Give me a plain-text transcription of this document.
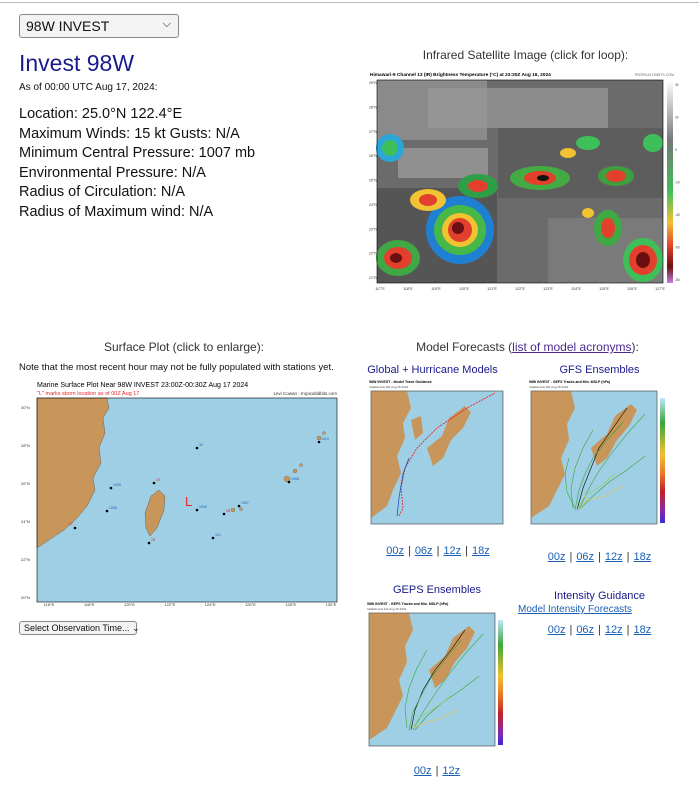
98W INVEST	⌵
Invest 98W
As of 00:00 UTC Aug 17, 2024:
Location: 25.0°N 122.4°E
Maximum Winds: 15 kt Gusts: N/A
Minimum Central Pressure: 1007 mb
Environmental Pressure: N/A
Radius of Circulation: N/A
Radius of Maximum wind: N/A
Infrared Satellite Image (click for loop):
Himawari-9 Channel 13 (IR) Brightness Temperature (°C) at 23:30Z Aug 16, 2024	TROPICALTIDBITS.COM
29°N
28°N
27°N
26°N
25°N
24°N
23°N
22°N
21°N
117°E	118°E	119°E	120°E	121°E	122°E	123°E	124°E	125°E	126°E	127°E
40
20
0
-20
-40
-60
-80
Surface Plot (click to enlarge):
Note that the most recent hour may not be fully populated with stations yet.
Marine Surface Plot Near 98W INVEST 23:00Z-00:30Z Aug 17 2024
"L" marks storm location as of 00Z Aug 17	Levi Cowan - tropicaltidbits.com
1009
27
29
1006
28
1007
110
30
1008
1010
28
1006	L
30°N
28°N
26°N
24°N
22°N
20°N
116°E	118°E	120°E	122°E	124°E	126°E	128°E	130°E
Select Observation Time... ⌄
Model Forecasts (list of model acronyms):
Global + Hurricane Models
98W INVEST - Model Track Guidance
Initialized at 18z Aug 16 2024
00z | 06z | 12z | 18z
GFS Ensembles
98W INVEST - GEFS Tracks and Min. MSLP (hPa)
Initialized at 18z Aug 16 2024
00z | 06z | 12z | 18z
GEPS Ensembles
98W INVEST - GEPS Tracks and Min. MSLP (hPa)
Initialized at 12z Aug 16 2024
00z | 12z
Intensity Guidance
Model Intensity Forecasts
00z | 06z | 12z | 18z
